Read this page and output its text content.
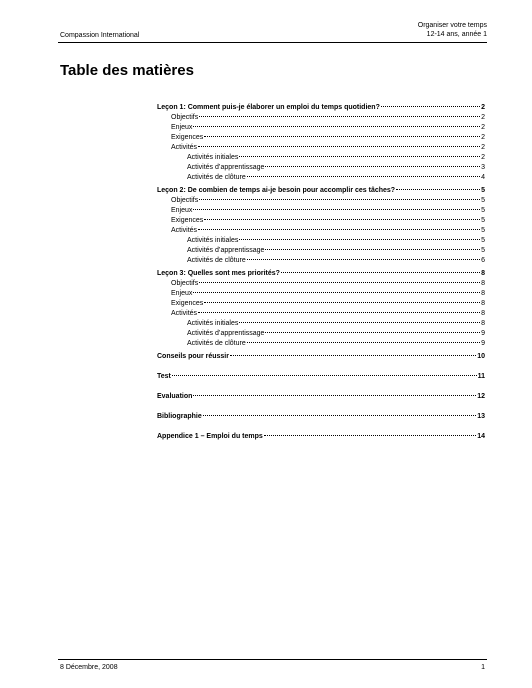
Compassion International
Organiser votre temps
12-14 ans, année 1
Table des matières
Leçon 1: Comment puis-je élaborer un emploi du temps quotidien?	2
Objectifs	2
Enjeux	2
Exigences	2
Activités	2
Activités initiales	2
Activités d’apprentissage	3
Activités de clôture	4
Leçon 2: De combien de temps ai-je besoin pour accomplir ces tâches?	5
Objectifs	5
Enjeux	5
Exigences	5
Activités	5
Activités initiales	5
Activités d’apprentissage	5
Activités de clôture	6
Leçon 3: Quelles sont mes priorités?	8
Objectifs	8
Enjeux	8
Exigences	8
Activités	8
Activités initiales	8
Activités d’apprentissage	9
Activités de clôture	9
Conseils pour réussir	10
Test	11
Evaluation	12
Bibliographie	13
Appendice 1 – Emploi du temps	14
8 Décembre, 2008	1
